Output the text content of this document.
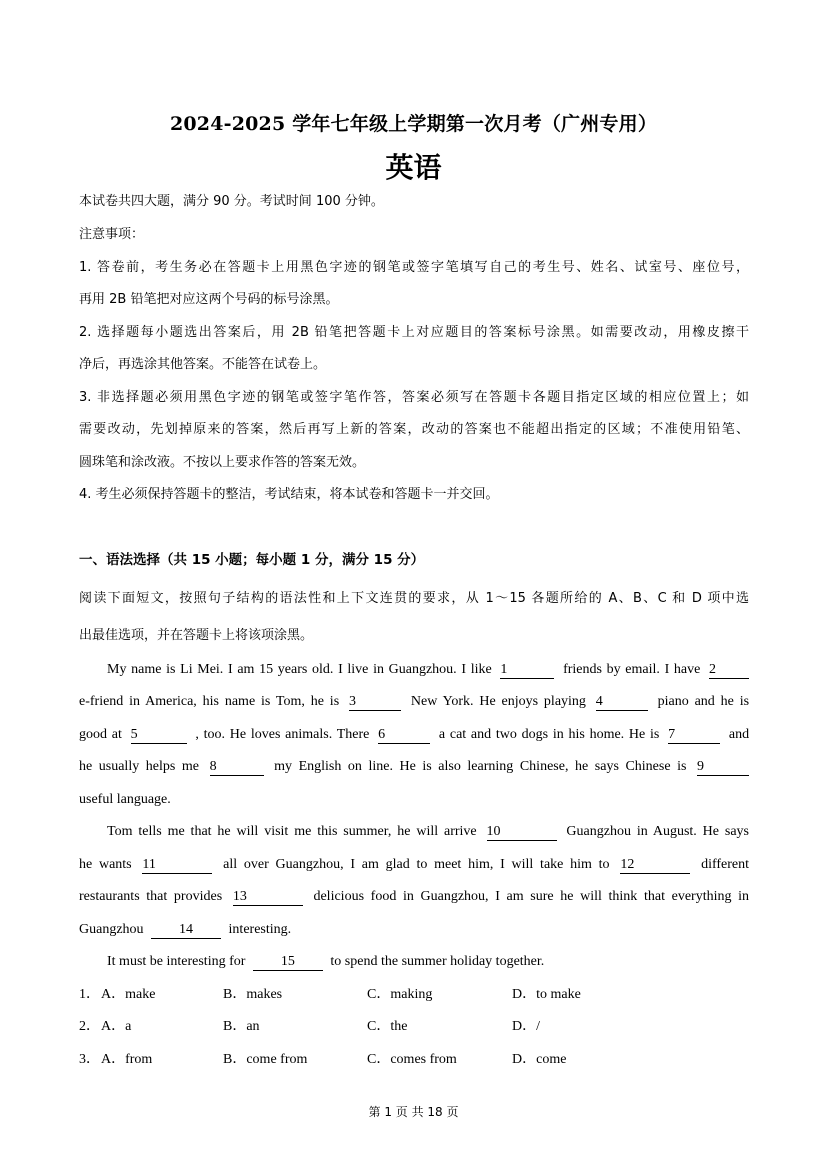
2024-2025 学年七年级上学期第一次月考（广州专用）
英语
本试卷共四大题，满分 90 分。考试时间 100 分钟。
注意事项：
1. 答卷前，考生务必在答题卡上用黑色字迹的钢笔或签字笔填写自己的考生号、姓名、试室号、座位号，
再用 2B 铅笔把对应这两个号码的标号涂黑。
2. 选择题每小题选出答案后，用 2B 铅笔把答题卡上对应题目的答案标号涂黑。如需要改动，用橡皮擦干
净后，再选涂其他答案。不能答在试卷上。
3. 非选择题必须用黑色字迹的钢笔或签字笔作答，答案必须写在答题卡各题目指定区域的相应位置上；如
需要改动，先划掉原来的答案，然后再写上新的答案，改动的答案也不能超出指定的区域；不准使用铅笔、
圆珠笔和涂改液。不按以上要求作答的答案无效。
4. 考生必须保持答题卡的整洁，考试结束，将本试卷和答题卡一并交回。
一、语法选择（共 15 小题；每小题 1 分，满分 15 分）
阅读下面短文，按照句子结构的语法性和上下文连贯的要求，从 1～15 各题所给的 A、B、C 和 D 项中选
出最佳选项，并在答题卡上将该项涂黑。
My name is Li Mei. I am 15 years old. I live in Guangzhou. I like 1	friends by email. I have 2
e-friend in America, his name is Tom, he is 3	New York. He enjoys playing 4	piano and he is
good at 5	, too. He loves animals. There 6	a cat and two dogs in his home. He is 7	and
he usually helps me 8	my English on line. He is also learning Chinese, he says Chinese is 9
useful language.
Tom tells me that he will visit me this summer, he will arrive 10	Guangzhou in August. He says
he wants 11	all over Guangzhou, I am glad to meet him, I will take him to 12	different
restaurants that provides 13	delicious food in Guangzhou, I am sure he will think that everything in
Guangzhou	14	interesting.
It must be interesting for	15	to spend the summer holiday together.
1． A．make	B．makes	C．making	D．to make
2． A．a	B．an	C．the	D．/
3． A．from	B．come from	C．comes from	D．come
第 1 页 共 18 页
